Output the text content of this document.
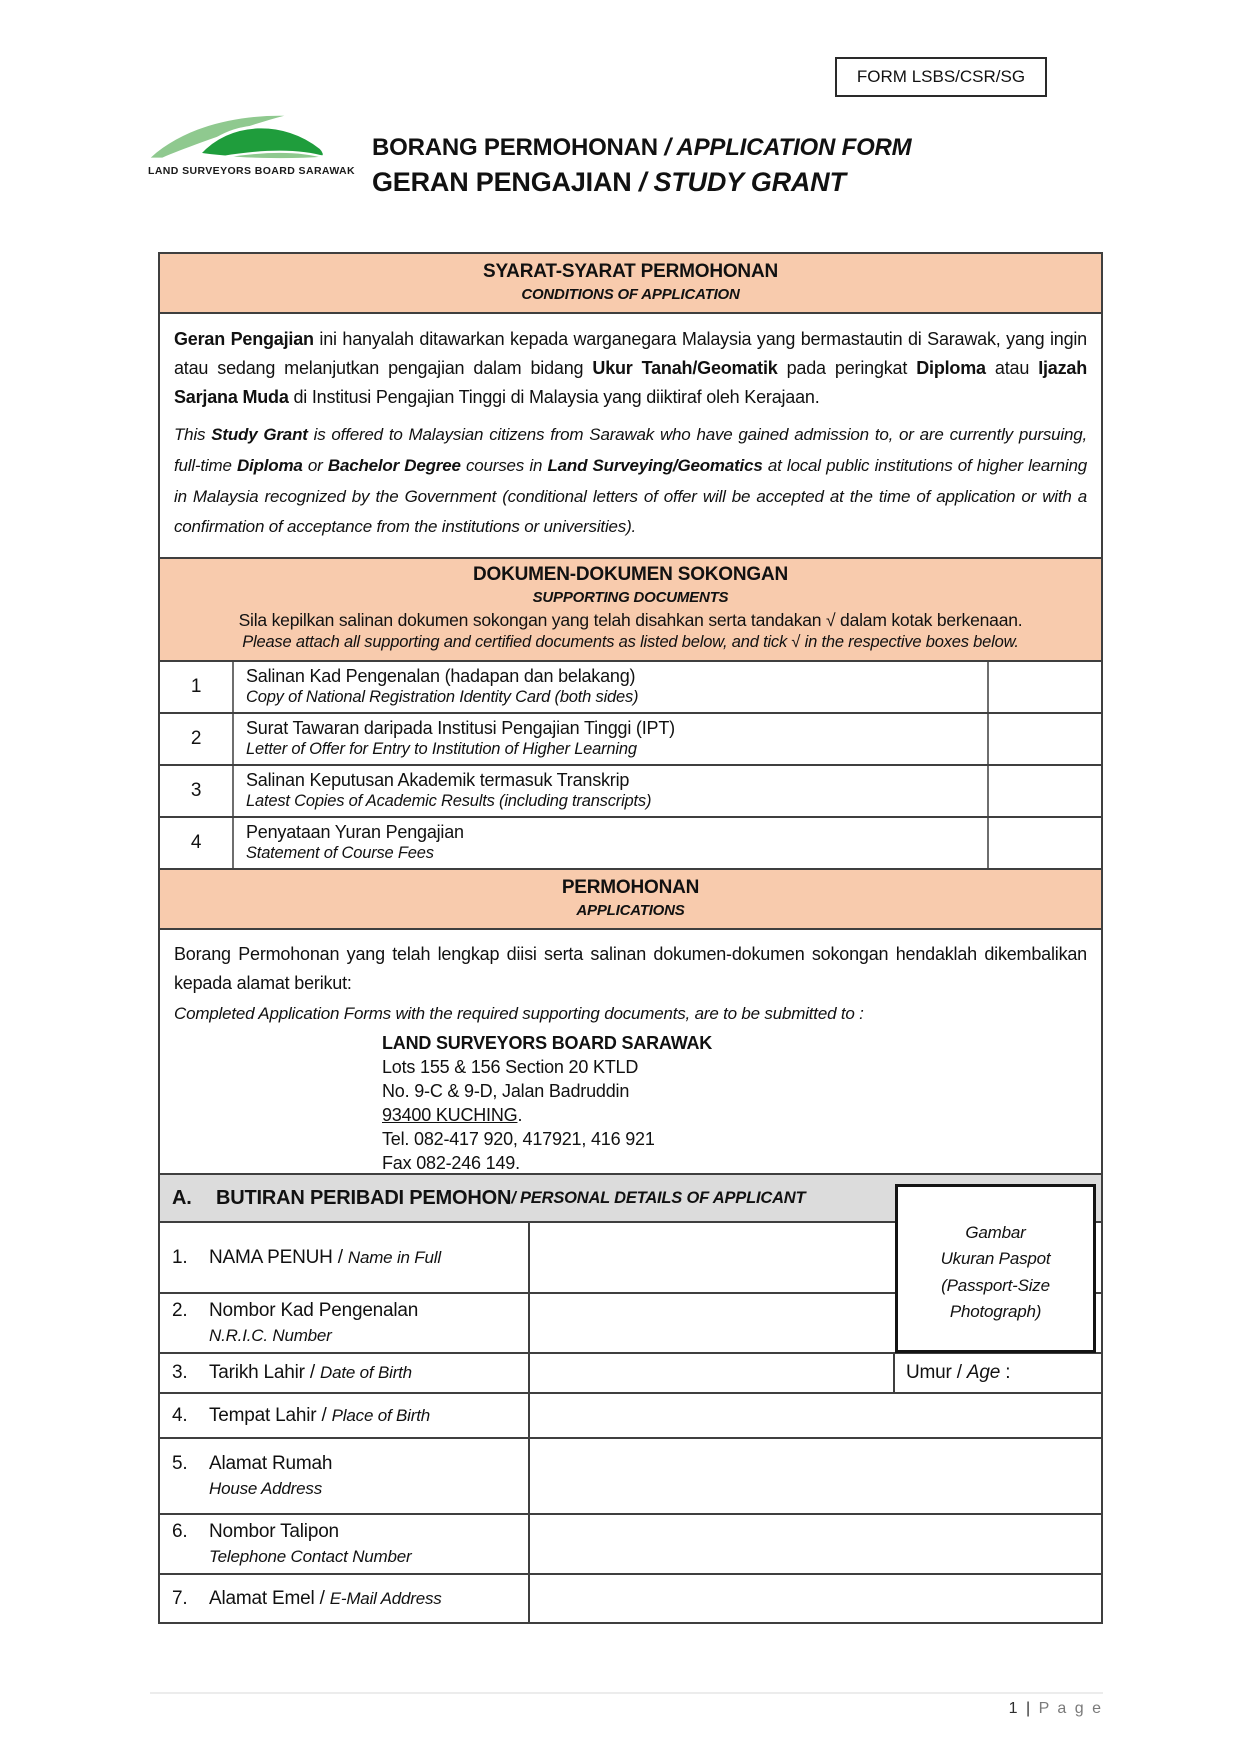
FORM LSBS/CSR/SG
LAND SURVEYORS BOARD SARAWAK
BORANG PERMOHONAN / APPLICATION FORM
GERAN PENGAJIAN / STUDY GRANT
SYARAT-SYARAT PERMOHONAN
CONDITIONS OF APPLICATION

Geran Pengajian ini hanyalah ditawarkan kepada warganegara Malaysia yang bermastautin di Sarawak, yang ingin atau sedang melanjutkan pengajian dalam bidang Ukur Tanah/Geomatik pada peringkat Diploma atau Ijazah Sarjana Muda di Institusi Pengajian Tinggi di Malaysia yang diiktiraf oleh Kerajaan.

This Study Grant is offered to Malaysian citizens from Sarawak who have gained admission to, or are currently pursuing, full-time Diploma or Bachelor Degree courses in Land Surveying/Geomatics at local public institutions of higher learning in Malaysia recognized by the Government (conditional letters of offer will be accepted at the time of application or with a confirmation of acceptance from the institutions or universities).

DOKUMEN-DOKUMEN SOKONGAN
SUPPORTING DOCUMENTS
Sila kepilkan salinan dokumen sokongan yang telah disahkan serta tandakan √ dalam kotak berkenaan.
Please attach all supporting and certified documents as listed below, and tick √ in the respective boxes below.
1	Salinan Kad Pengenalan (hadapan dan belakang)
Copy of National Registration Identity Card (both sides)
2	Surat Tawaran daripada Institusi Pengajian Tinggi (IPT)
Letter of Offer for Entry to Institution of Higher Learning
3	Salinan Keputusan Akademik termasuk Transkrip
Latest Copies of Academic Results (including transcripts)
4	Penyataan Yuran Pengajian
Statement of Course Fees
PERMOHONAN
APPLICATIONS

Borang Permohonan yang telah lengkap diisi serta salinan dokumen-dokumen sokongan hendaklah dikembalikan kepada alamat berikut:

Completed Application Forms with the required supporting documents, are to be submitted to :

LAND SURVEYORS BOARD SARAWAK
Lots 155 & 156 Section 20 KTLD
No. 9-C & 9-D, Jalan Badruddin
93400 KUCHING.
Tel. 082-417 920, 417921, 416 921
Fax 082-246 149.
A.	BUTIRAN PERIBADI PEMOHON / PERSONAL DETAILS OF APPLICANT
Gambar
Ukuran Paspot
(Passport-Size
Photograph)
1.	NAMA PENUH / Name in Full
2.	Nombor Kad Pengenalan
N.R.I.C. Number
3.	Tarikh Lahir / Date of Birth	Umur / Age :
4.	Tempat Lahir / Place of Birth
5.	Alamat Rumah
House Address
6.	Nombor Talipon
Telephone Contact Number
7.	Alamat Emel / E-Mail Address
1 | P a g e
